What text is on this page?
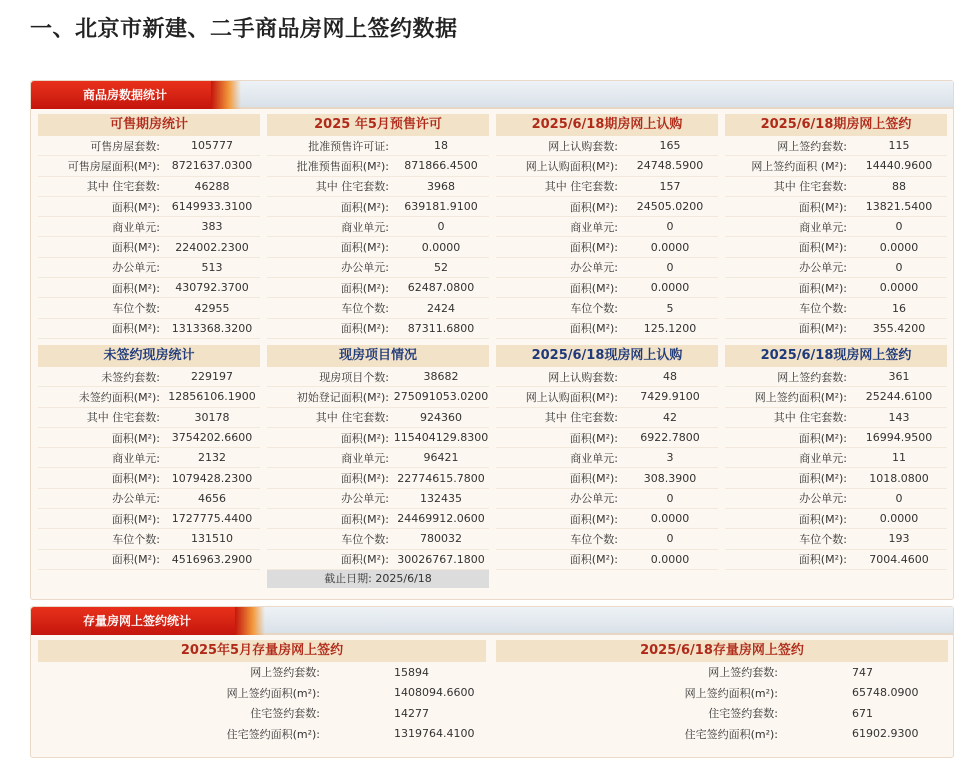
一、北京市新建、二手商品房网上签约数据
商品房数据统计
可售期房统计
可售房屋套数:	105777
可售房屋面积(M²):	8721637.0300
其中 住宅套数:	46288
面积(M²):	6149933.3100
商业单元:	383
面积(M²):	224002.2300
办公单元:	513
面积(M²):	430792.3700
车位个数:	42955
面积(M²):	1313368.3200
2025 年5月预售许可
批准预售许可证:	18
批准预售面积(M²):	871866.4500
其中 住宅套数:	3968
面积(M²):	639181.9100
商业单元:	0
面积(M²):	0.0000
办公单元:	52
面积(M²):	62487.0800
车位个数:	2424
面积(M²):	87311.6800
2025/6/18期房网上认购
网上认购套数:	165
网上认购面积(M²):	24748.5900
其中 住宅套数:	157
面积(M²):	24505.0200
商业单元:	0
面积(M²):	0.0000
办公单元:	0
面积(M²):	0.0000
车位个数:	5
面积(M²):	125.1200
2025/6/18期房网上签约
网上签约套数:	115
网上签约面积 (M²):	14440.9600
其中 住宅套数:	88
面积(M²):	13821.5400
商业单元:	0
面积(M²):	0.0000
办公单元:	0
面积(M²):	0.0000
车位个数:	16
面积(M²):	355.4200
未签约现房统计
未签约套数:	229197
未签约面积(M²): 12856106.1900
其中 住宅套数:	30178
面积(M²):	3754202.6600
商业单元:	2132
面积(M²):	1079428.2300
办公单元:	4656
面积(M²):	1727775.4400
车位个数:	131510
面积(M²):	4516963.2900
现房项目情况
现房项目个数:	38682
初始登记面积(M²): 275091053.0200
其中 住宅套数:	924360
面积(M²): 115404129.8300
商业单元:	96421
面积(M²): 22774615.7800
办公单元:	132435
面积(M²): 24469912.0600
车位个数:	780032
面积(M²): 30026767.1800
截止日期: 2025/6/18
2025/6/18现房网上认购
网上认购套数:	48
网上认购面积(M²):	7429.9100
其中 住宅套数:	42
面积(M²):	6922.7800
商业单元:	3
面积(M²):	308.3900
办公单元:	0
面积(M²):	0.0000
车位个数:	0
面积(M²):	0.0000
2025/6/18现房网上签约
网上签约套数:	361
网上签约面积(M²):	25244.6100
其中 住宅套数:	143
面积(M²):	16994.9500
商业单元:	11
面积(M²):	1018.0800
办公单元:	0
面积(M²):	0.0000
车位个数:	193
面积(M²):	7004.4600
存量房网上签约统计
2025年5月存量房网上签约
网上签约套数:	15894
网上签约面积(m²):	1408094.6600
住宅签约套数:	14277
住宅签约面积(m²):	1319764.4100
2025/6/18存量房网上签约
网上签约套数:	747
网上签约面积(m²):	65748.0900
住宅签约套数:	671
住宅签约面积(m²):	61902.9300
